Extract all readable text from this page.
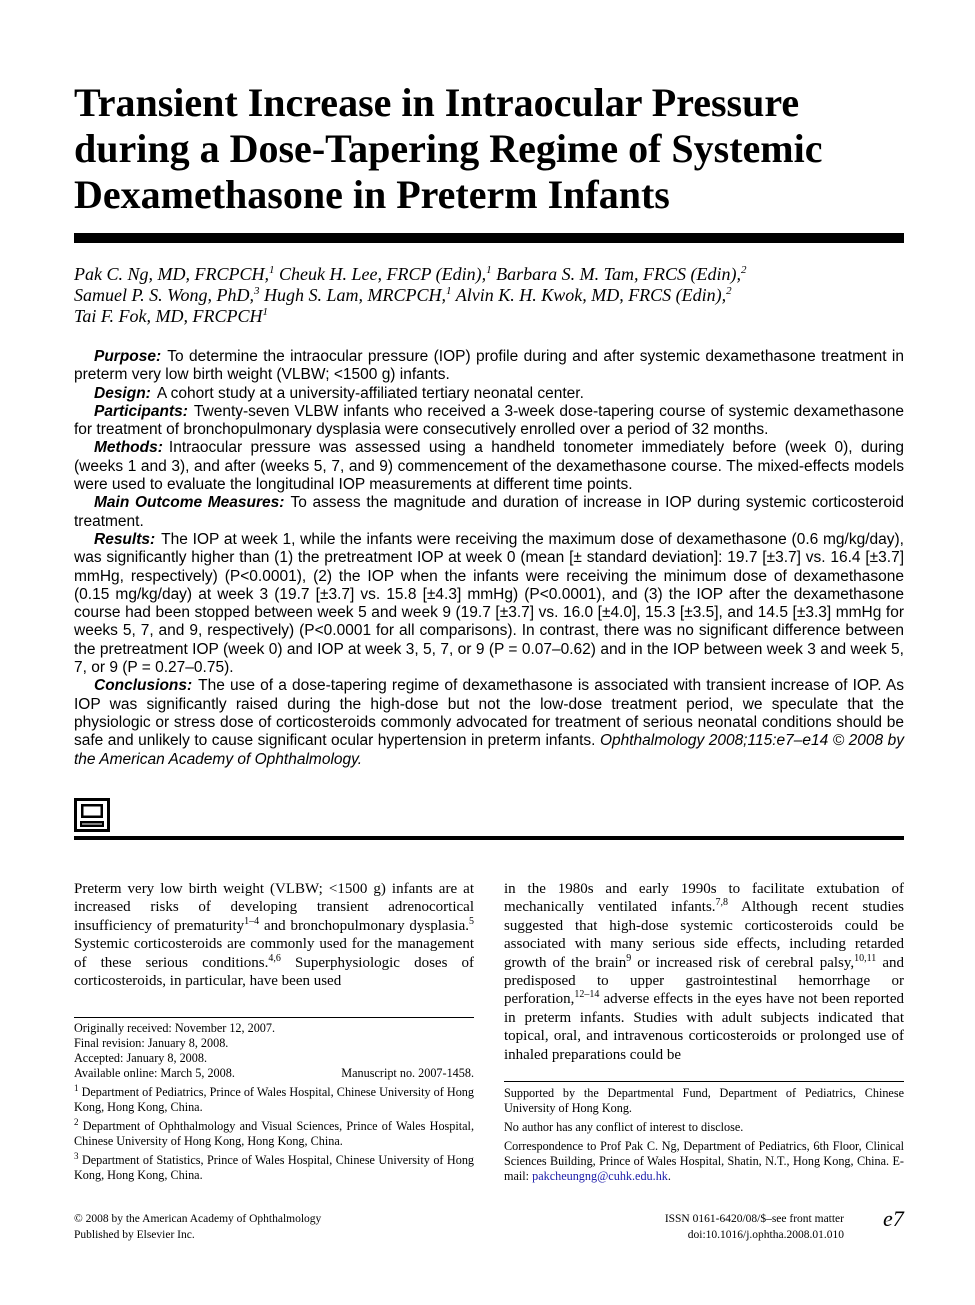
Transient Increase in Intraocular Pressure during a Dose-Tapering Regime of Systemic Dexamethasone in Preterm Infants
Pak C. Ng, MD, FRCPCH,$^1$ Cheuk H. Lee, FRCP (Edin),$^1$ Barbara S. M. Tam, FRCS (Edin),$^2$
Samuel P. S. Wong, PhD,$^3$ Hugh S. Lam, MRCPCH,$^1$ Alvin K. H. Kwok, MD, FRCS (Edin),$^2$
Tai F. Fok, MD, FRCPCH$^1$

Purpose: To determine the intraocular pressure (IOP) profile during and after systemic dexamethasone treatment in preterm very low birth weight (VLBW; <1500 g) infants.

Design: A cohort study at a university-affiliated tertiary neonatal center.

Participants: Twenty-seven VLBW infants who received a 3-week dose-tapering course of systemic dexamethasone for treatment of bronchopulmonary dysplasia were consecutively enrolled over a period of 32 months.

Methods: Intraocular pressure was assessed using a handheld tonometer immediately before (week 0), during (weeks 1 and 3), and after (weeks 5, 7, and 9) commencement of the dexamethasone course. The mixed-effects models were used to evaluate the longitudinal IOP measurements at different time points.

Main Outcome Measures: To assess the magnitude and duration of increase in IOP during systemic corticosteroid treatment.

Results: The IOP at week 1, while the infants were receiving the maximum dose of dexamethasone (0.6 mg/kg/day), was significantly higher than (1) the pretreatment IOP at week 0 (mean [± standard deviation]: 19.7 [±3.7] vs. 16.4 [±3.7] mmHg, respectively) (P<0.0001), (2) the IOP when the infants were receiving the minimum dose of dexamethasone (0.15 mg/kg/day) at week 3 (19.7 [±3.7] vs. 15.8 [±4.3] mmHg) (P<0.0001), and (3) the IOP after the dexamethasone course had been stopped between week 5 and week 9 (19.7 [±3.7] vs. 16.0 [±4.0], 15.3 [±3.5], and 14.5 [±3.3] mmHg for weeks 5, 7, and 9, respectively) (P<0.0001 for all comparisons). In contrast, there was no significant difference between the pretreatment IOP (week 0) and IOP at week 3, 5, 7, or 9 (P = 0.07–0.62) and in the IOP between week 3 and week 5, 7, or 9 (P = 0.27–0.75).

Conclusions: The use of a dose-tapering regime of dexamethasone is associated with transient increase of IOP. As IOP was significantly raised during the high-dose but not the low-dose treatment period, we speculate that the physiologic or stress dose of corticosteroids commonly advocated for treatment of serious neonatal conditions should be safe and unlikely to cause significant ocular hypertension in preterm infants. Ophthalmology 2008;115:e7–e14 © 2008 by the American Academy of Ophthalmology.

Preterm very low birth weight (VLBW; <1500 g) infants are at increased risks of developing transient adrenocortical insufficiency of prematurity$^{1-4}$ and bronchopulmonary dysplasia.$^5$ Systemic corticosteroids are commonly used for the management of these serious conditions.$^{4,6}$ Superphysiologic doses of corticosteroids, in particular, have been used

in the 1980s and early 1990s to facilitate extubation of mechanically ventilated infants.$^{7,8}$ Although recent studies suggested that high-dose systemic corticosteroids could be associated with many serious side effects, including retarded growth of the brain$^9$ or increased risk of cerebral palsy,$^{10,11}$ and predisposed to upper gastrointestinal hemorrhage or perforation,$^{12-14}$ adverse effects in the eyes have not been reported in preterm infants. Studies with adult subjects indicated that topical, oral, and intravenous corticosteroids or prolonged use of inhaled preparations could be

Originally received: November 12, 2007.

Final revision: January 8, 2008.

Accepted: January 8, 2008.

Available online: March 5, 2008.	Manuscript no. 2007-1458.

$^1$ Department of Pediatrics, Prince of Wales Hospital, Chinese University of Hong Kong, Hong Kong, China.

$^2$ Department of Ophthalmology and Visual Sciences, Prince of Wales Hospital, Chinese University of Hong Kong, Hong Kong, China.

$^3$ Department of Statistics, Prince of Wales Hospital, Chinese University of Hong Kong, Hong Kong, China.

Supported by the Departmental Fund, Department of Pediatrics, Chinese University of Hong Kong.

No author has any conflict of interest to disclose.

Correspondence to Prof Pak C. Ng, Department of Pediatrics, 6th Floor, Clinical Sciences Building, Prince of Wales Hospital, Shatin, N.T., Hong Kong, China. E-mail: pakcheungng@cuhk.edu.hk.

© 2008 by the American Academy of Ophthalmology
Published by Elsevier Inc.
ISSN 0161-6420/08/$–see front matter
doi:10.1016/j.ophtha.2008.01.010
e7
